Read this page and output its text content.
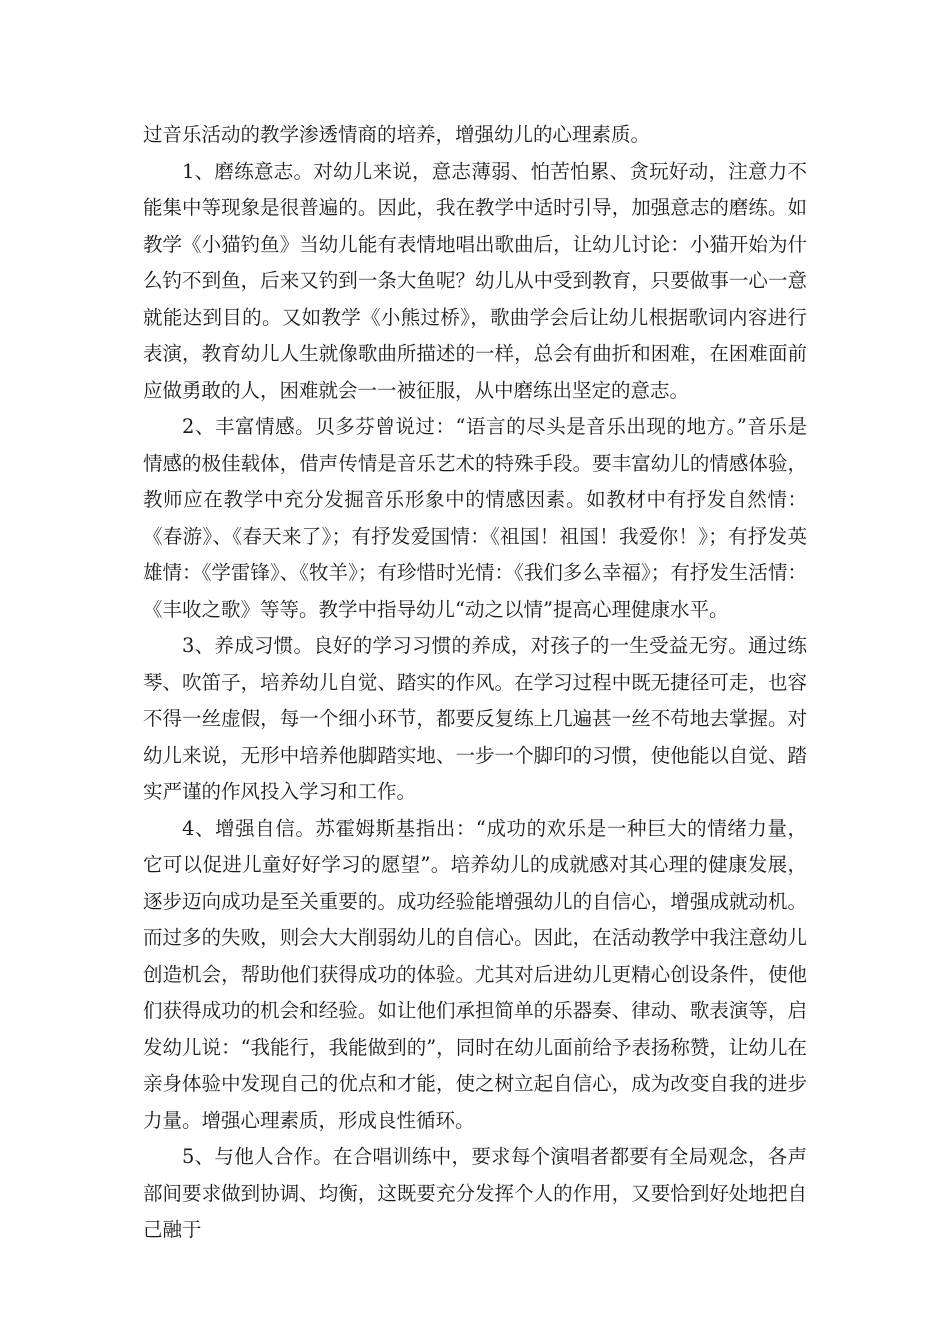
过音乐活动的教学渗透情商的培养，增强幼儿的心理素质。

1、磨练意志。对幼儿来说，意志薄弱、怕苦怕累、贪玩好动，注意力不能集中等现象是很普遍的。因此，我在教学中适时引导，加强意志的磨练。如教学《小猫钓鱼》当幼儿能有表情地唱出歌曲后，让幼儿讨论：小猫开始为什么钓不到鱼，后来又钓到一条大鱼呢？幼儿从中受到教育，只要做事一心一意就能达到目的。又如教学《小熊过桥》，歌曲学会后让幼儿根据歌词内容进行表演，教育幼儿人生就像歌曲所描述的一样，总会有曲折和困难，在困难面前应做勇敢的人，困难就会一一被征服，从中磨练出坚定的意志。

2、丰富情感。贝多芬曾说过：“语言的尽头是音乐出现的地方。”音乐是情感的极佳载体，借声传情是音乐艺术的特殊手段。要丰富幼儿的情感体验，教师应在教学中充分发掘音乐形象中的情感因素。如教材中有抒发自然情：《春游》、《春天来了》；有抒发爱国情：《祖国！祖国！我爱你！》；有抒发英雄情：《学雷锋》、《牧羊》；有珍惜时光情：《我们多么幸福》；有抒发生活情：《丰收之歌》等等。教学中指导幼儿“动之以情”提高心理健康水平。

3、养成习惯。良好的学习习惯的养成，对孩子的一生受益无穷。通过练琴、吹笛子，培养幼儿自觉、踏实的作风。在学习过程中既无捷径可走，也容不得一丝虚假，每一个细小环节，都要反复练上几遍甚一丝不苟地去掌握。对幼儿来说，无形中培养他脚踏实地、一步一个脚印的习惯，使他能以自觉、踏实严谨的作风投入学习和工作。

4、增强自信。苏霍姆斯基指出：“成功的欢乐是一种巨大的情绪力量，它可以促进儿童好好学习的愿望”。培养幼儿的成就感对其心理的健康发展，逐步迈向成功是至关重要的。成功经验能增强幼儿的自信心，增强成就动机。而过多的失败，则会大大削弱幼儿的自信心。因此，在活动教学中我注意幼儿创造机会，帮助他们获得成功的体验。尤其对后进幼儿更精心创设条件，使他们获得成功的机会和经验。如让他们承担简单的乐器奏、律动、歌表演等，启发幼儿说：“我能行，我能做到的”，同时在幼儿面前给予表扬称赞，让幼儿在亲身体验中发现自己的优点和才能，使之树立起自信心，成为改变自我的进步力量。增强心理素质，形成良性循环。

5、与他人合作。在合唱训练中，要求每个演唱者都要有全局观念，各声部间要求做到协调、均衡，这既要充分发挥个人的作用，又要恰到好处地把自己融于
